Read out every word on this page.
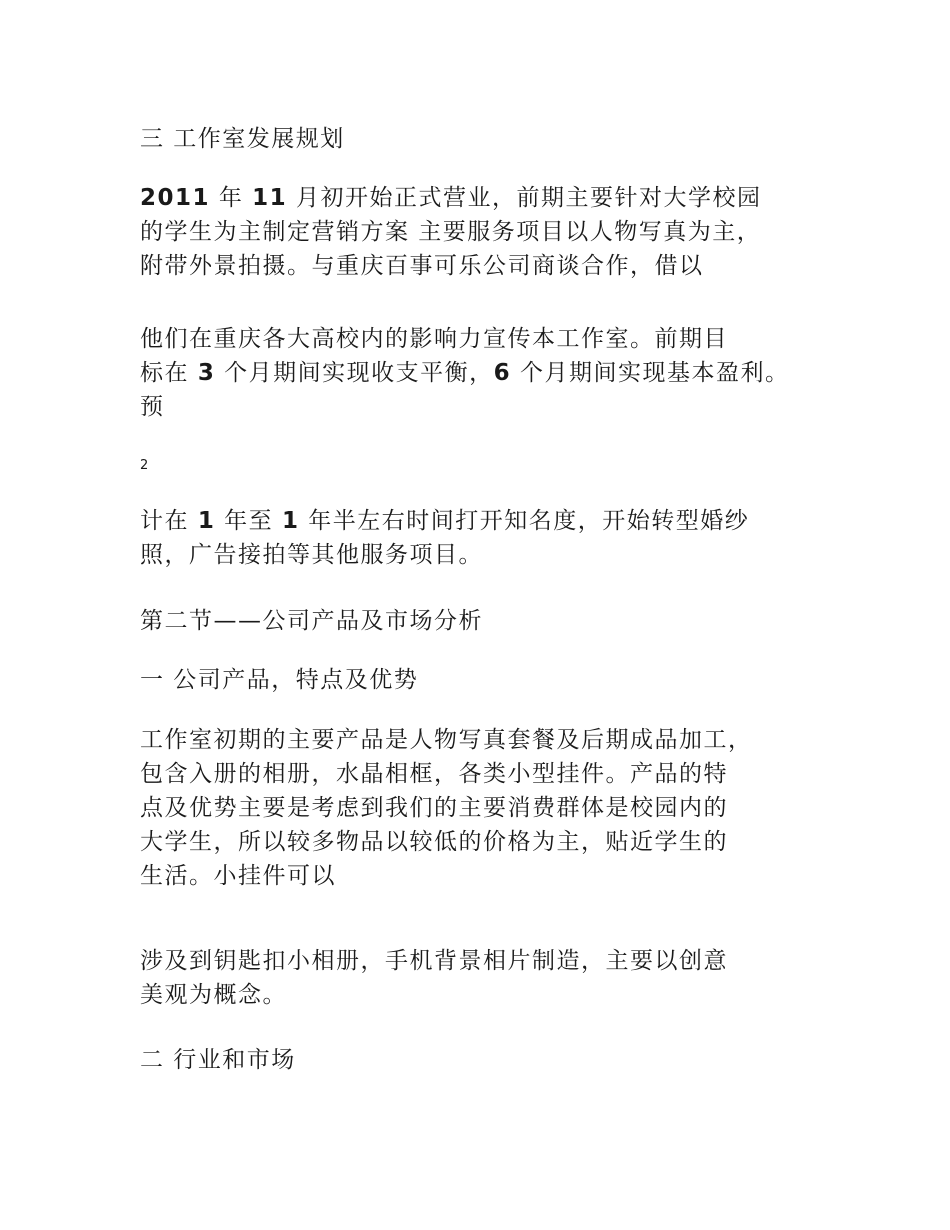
三 工作室发展规划
2011 年 11 月初开始正式营业，前期主要针对大学校园
的学生为主制定营销方案 主要服务项目以人物写真为主，
附带外景拍摄。与重庆百事可乐公司商谈合作，借以
他们在重庆各大高校内的影响力宣传本工作室。前期目
标在 3 个月期间实现收支平衡，6 个月期间实现基本盈利。
预
2
计在 1 年至 1 年半左右时间打开知名度，开始转型婚纱
照，广告接拍等其他服务项目。
第二节——公司产品及市场分析
一 公司产品，特点及优势
工作室初期的主要产品是人物写真套餐及后期成品加工，
包含入册的相册，水晶相框，各类小型挂件。产品的特
点及优势主要是考虑到我们的主要消费群体是校园内的
大学生，所以较多物品以较低的价格为主，贴近学生的
生活。小挂件可以
涉及到钥匙扣小相册，手机背景相片制造，主要以创意
美观为概念。
二 行业和市场
